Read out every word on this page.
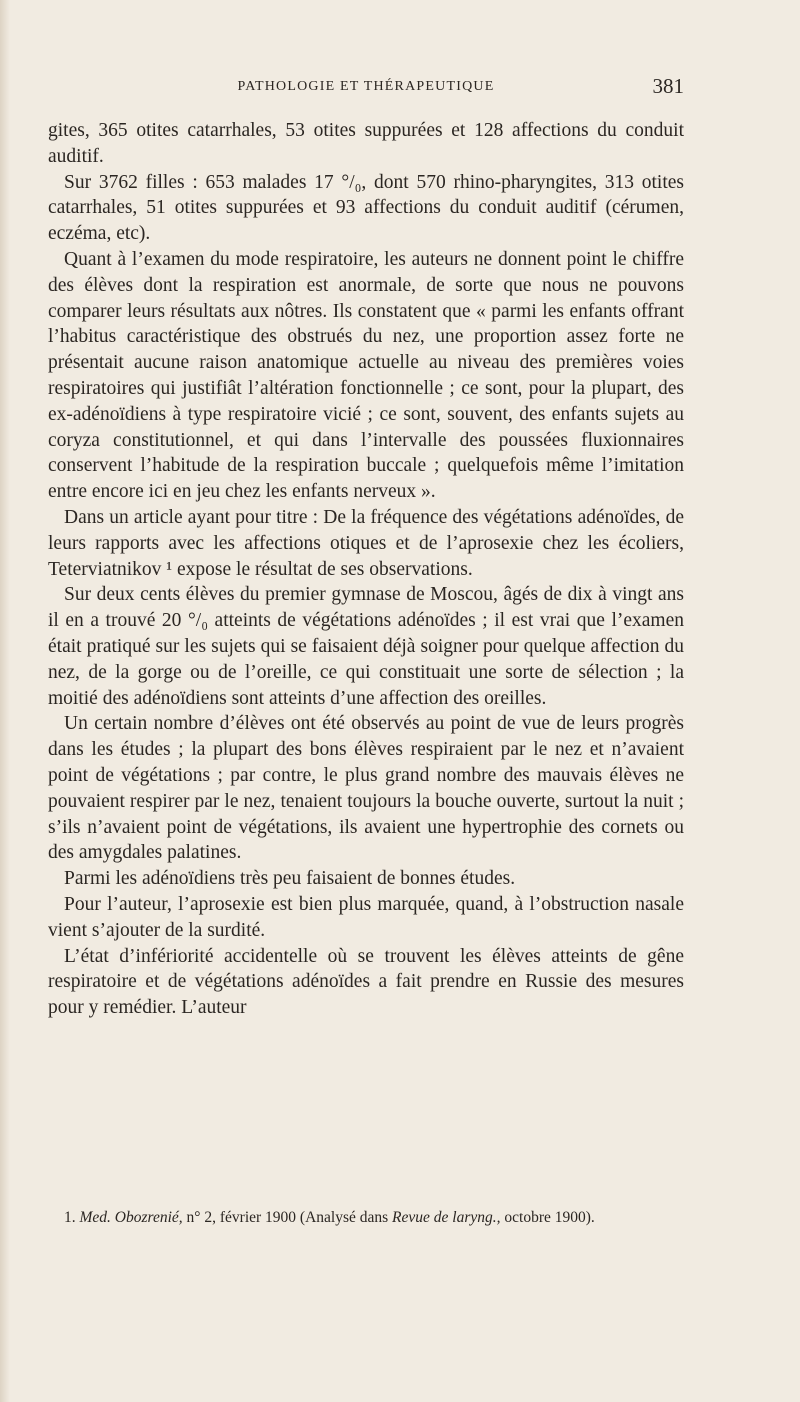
PATHOLOGIE ET THÉRAPEUTIQUE	381

gites, 365 otites catarrhales, 53 otites suppurées et 128 affections du conduit auditif.

Sur 3762 filles : 653 malades 17 °/₀, dont 570 rhino-pharyngites, 313 otites catarrhales, 51 otites suppurées et 93 affections du conduit auditif (cérumen, eczéma, etc).

Quant à l’examen du mode respiratoire, les auteurs ne donnent point le chiffre des élèves dont la respiration est anormale, de sorte que nous ne pouvons comparer leurs résultats aux nôtres. Ils constatent que « parmi les enfants offrant l’habitus caractéristique des obstrués du nez, une proportion assez forte ne présentait aucune raison anatomique actuelle au niveau des premières voies respiratoires qui justifiât l’altération fonctionnelle ; ce sont, pour la plupart, des ex-adénoïdiens à type respiratoire vicié ; ce sont, souvent, des enfants sujets au coryza constitutionnel, et qui dans l’intervalle des poussées fluxionnaires conservent l’habitude de la respiration buccale ; quelquefois même l’imitation entre encore ici en jeu chez les enfants nerveux ».

Dans un article ayant pour titre : De la fréquence des végétations adénoïdes, de leurs rapports avec les affections otiques et de l’aprosexie chez les écoliers, Teterviatnikov ¹ expose le résultat de ses observations.

Sur deux cents élèves du premier gymnase de Moscou, âgés de dix à vingt ans il en a trouvé 20 °/₀ atteints de végétations adénoïdes ; il est vrai que l’examen était pratiqué sur les sujets qui se faisaient déjà soigner pour quelque affection du nez, de la gorge ou de l’oreille, ce qui constituait une sorte de sélection ; la moitié des adénoïdiens sont atteints d’une affection des oreilles.

Un certain nombre d’élèves ont été observés au point de vue de leurs progrès dans les études ; la plupart des bons élèves respiraient par le nez et n’avaient point de végétations ; par contre, le plus grand nombre des mauvais élèves ne pouvaient respirer par le nez, tenaient toujours la bouche ouverte, surtout la nuit ; s’ils n’avaient point de végétations, ils avaient une hypertrophie des cornets ou des amygdales palatines.

Parmi les adénoïdiens très peu faisaient de bonnes études.

Pour l’auteur, l’aprosexie est bien plus marquée, quand, à l’obstruction nasale vient s’ajouter de la surdité.

L’état d’infériorité accidentelle où se trouvent les élèves atteints de gêne respiratoire et de végétations adénoïdes a fait prendre en Russie des mesures pour y remédier. L’auteur

1. Med. Obozrenié, n° 2, février 1900 (Analysé dans Revue de laryng., octobre 1900).
